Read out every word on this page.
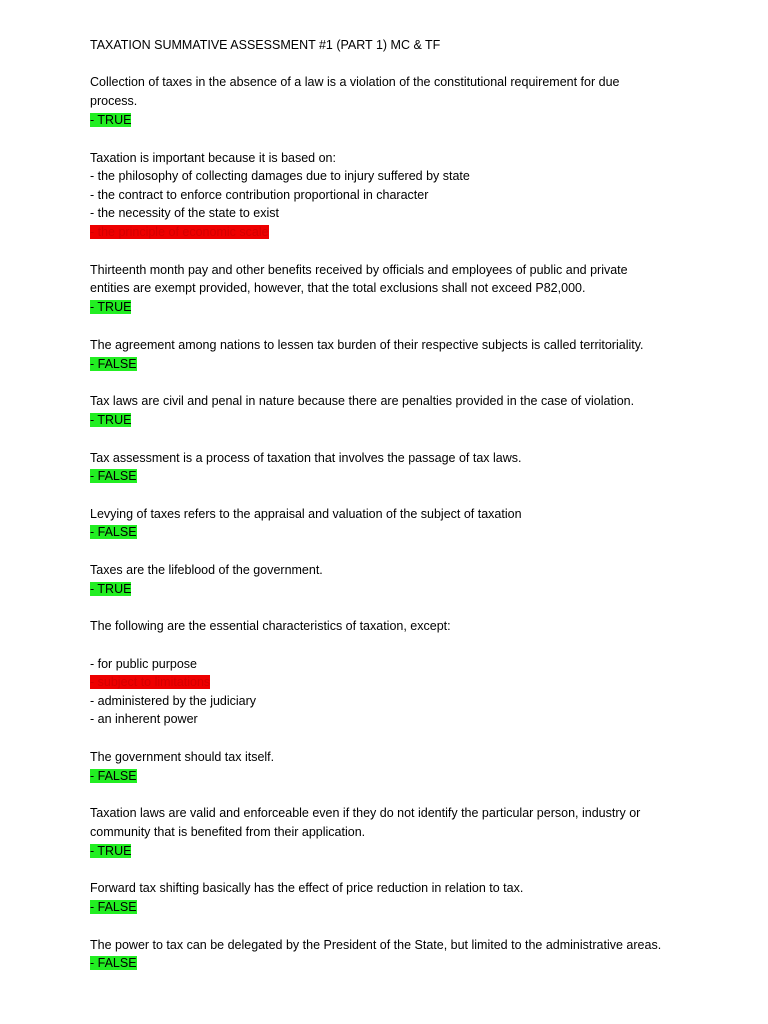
TAXATION SUMMATIVE ASSESSMENT #1 (PART 1) MC & TF
Collection of taxes in the absence of a law is a violation of the constitutional requirement for due
process.
- TRUE
Taxation is important because it is based on:
- the philosophy of collecting damages due to injury suffered by state
- the contract to enforce contribution proportional in character
- the necessity of the state to exist
- the principle of economic scale
Thirteenth month pay and other benefits received by officials and employees of public and private
entities are exempt provided, however, that the total exclusions shall not exceed P82,000.
- TRUE
The agreement among nations to lessen tax burden of their respective subjects is called territoriality.
- FALSE
Tax laws are civil and penal in nature because there are penalties provided in the case of violation.
- TRUE
Tax assessment is a process of taxation that involves the passage of tax laws.
- FALSE
Levying of taxes refers to the appraisal and valuation of the subject of taxation
- FALSE
Taxes are the lifeblood of the government.
- TRUE
The following are the essential characteristics of taxation, except:
- for public purpose
- subject to limitations
- administered by the judiciary
- an inherent power
The government should tax itself.
- FALSE
Taxation laws are valid and enforceable even if they do not identify the particular person, industry or
community that is benefited from their application.
- TRUE
Forward tax shifting basically has the effect of price reduction in relation to tax.
- FALSE
The power to tax can be delegated by the President of the State, but limited to the administrative areas.
- FALSE
